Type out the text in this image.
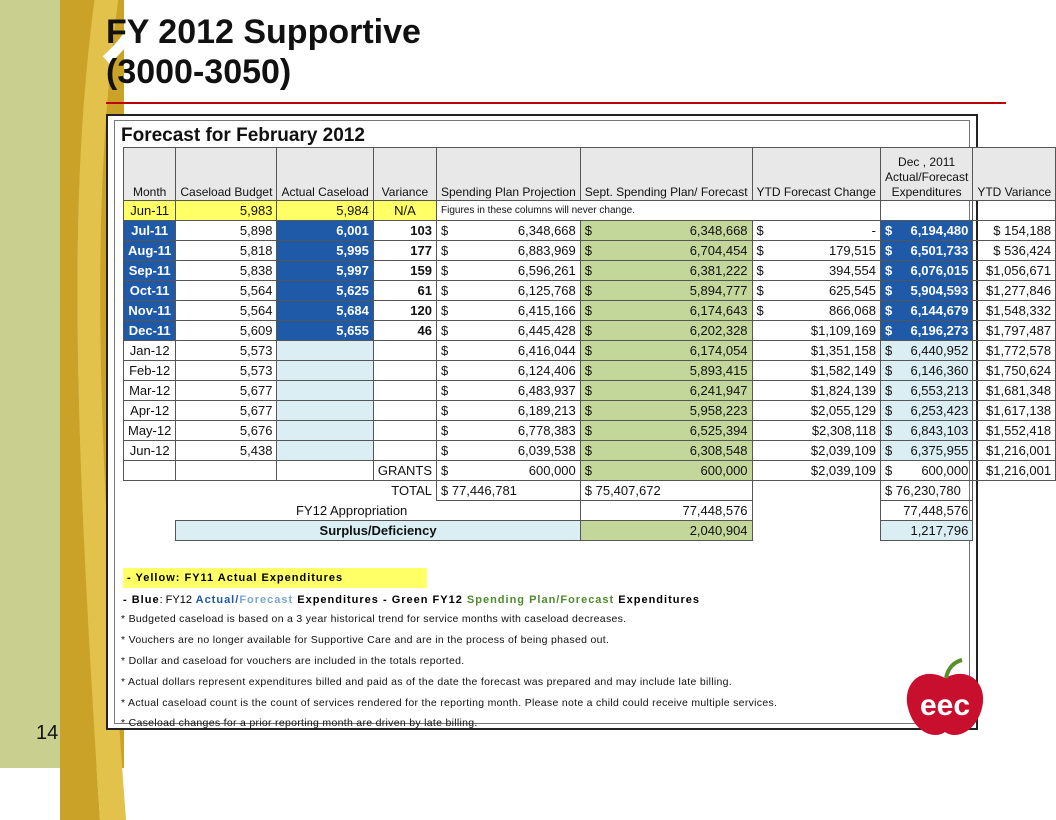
FY 2012 Supportive
(3000-3050)
14
Forecast for February 2012
Month	Caseload Budget	Actual Caseload	Variance	Spending Plan Projection	Sept. Spending Plan/ Forecast	YTD Forecast Change	Dec , 2011
Actual/Forecast
Expenditures	YTD Variance
Jun-11	5,983	5,984	N/A	Figures in these columns will never change.				
Jul-11	5,898	6,001	103	$ 6,348,668	$ 6,348,668	$ -	$ 6,194,480	$ 154,188
Aug-11	5,818	5,995	177	$ 6,883,969	$ 6,704,454	$ 179,515	$ 6,501,733	$ 536,424
Sep-11	5,838	5,997	159	$ 6,596,261	$ 6,381,222	$ 394,554	$ 6,076,015	$1,056,671
Oct-11	5,564	5,625	61	$ 6,125,768	$ 5,894,777	$ 625,545	$ 5,904,593	$1,277,846
Nov-11	5,564	5,684	120	$ 6,415,166	$ 6,174,643	$ 866,068	$ 6,144,679	$1,548,332
Dec-11	5,609	5,655	46	$ 6,445,428	$ 6,202,328	$1,109,169	$ 6,196,273	$1,797,487
Jan-12	5,573			$ 6,416,044	$ 6,174,054	$1,351,158	$ 6,440,952	$1,772,578
Feb-12	5,573			$ 6,124,406	$ 5,893,415	$1,582,149	$ 6,146,360	$1,750,624
Mar-12	5,677			$ 6,483,937	$ 6,241,947	$1,824,139	$ 6,553,213	$1,681,348
Apr-12	5,677			$ 6,189,213	$ 5,958,223	$2,055,129	$ 6,253,423	$1,617,138
May-12	5,676			$ 6,778,383	$ 6,525,394	$2,308,118	$ 6,843,103	$1,552,418
Jun-12	5,438			$ 6,039,538	$ 6,308,548	$2,039,109	$ 6,375,955	$1,216,001
			GRANTS	$ 600,000	$ 600,000	$2,039,109	$ 600,000	$1,216,001
TOTAL				$ 77,446,781	$ 75,407,672		$ 76,230,780	
FY12 Appropriation					77,448,576		77,448,576	
	Surplus/Deficiency				2,040,904		1,217,796	
- Yellow: FY11 Actual Expenditures
- Blue: FY12 Actual/Forecast Expenditures - Green FY12 Spending Plan/Forecast Expenditures
* Budgeted caseload is based on a 3 year historical trend for service months with caseload decreases.
* Vouchers are no longer available for Supportive Care and are in the process of being phased out.
* Dollar and caseload for vouchers are included in the totals reported.
* Actual dollars represent expenditures billed and paid as of the date the forecast was prepared and may include late billing.
* Actual caseload count is the count of services rendered for the reporting month. Please note a child could receive multiple services.
* Caseload changes for a prior reporting month are driven by late billing.
eec
